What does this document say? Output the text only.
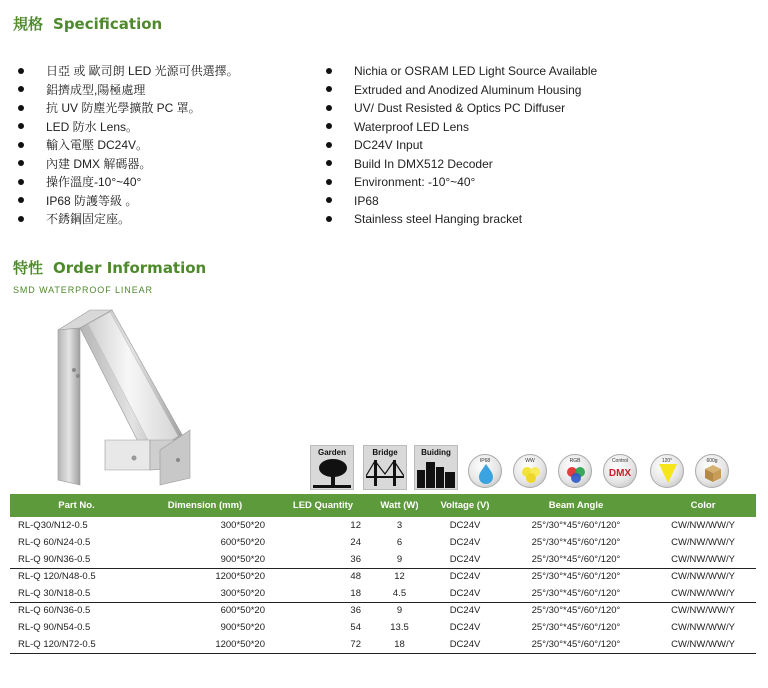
規格 Specification
日亞 或 歐司朗 LED 光源可供選擇。
鋁擠成型,陽極處理
抗 UV 防塵光學擴散 PC 罩。
LED 防水 Lens。
輸入電壓 DC24V。
內建 DMX 解碼器。
操作溫度-10°~40°
IP68 防護等級 。
不銹鋼固定座。
Nichia or OSRAM LED Light Source Available
Extruded and Anodized Aluminum Housing
UV/ Dust Resisted & Optics PC Diffuser
Waterproof LED Lens
DC24V Input
Build In DMX512 Decoder
Environment: -10°~40°
IP68
Stainless steel Hanging bracket
特性 Order Information
SMD WATERPROOF LINEAR
Garden	Bridge	Buiding
IP68	WW	RGB	Control
DMX
120°	600g
Part No.	Dimension (mm)	LED Quantity	Watt (W)	Voltage (V)	Beam Angle	Color
RL-Q30/N12-0.5	300*50*20	12	3	DC24V	25°/30°*45°/60°/120°	CW/NW/WW/Y
RL-Q 60/N24-0.5	600*50*20	24	6	DC24V	25°/30°*45°/60°/120°	CW/NW/WW/Y
RL-Q 90/N36-0.5	900*50*20	36	9	DC24V	25°/30°*45°/60°/120°	CW/NW/WW/Y
RL-Q 120/N48-0.5	1200*50*20	48	12	DC24V	25°/30°*45°/60°/120°	CW/NW/WW/Y
RL-Q 30/N18-0.5	300*50*20	18	4.5	DC24V	25°/30°*45°/60°/120°	CW/NW/WW/Y
RL-Q 60/N36-0.5	600*50*20	36	9	DC24V	25°/30°*45°/60°/120°	CW/NW/WW/Y
RL-Q 90/N54-0.5	900*50*20	54	13.5	DC24V	25°/30°*45°/60°/120°	CW/NW/WW/Y
RL-Q 120/N72-0.5	1200*50*20	72	18	DC24V	25°/30°*45°/60°/120°	CW/NW/WW/Y
